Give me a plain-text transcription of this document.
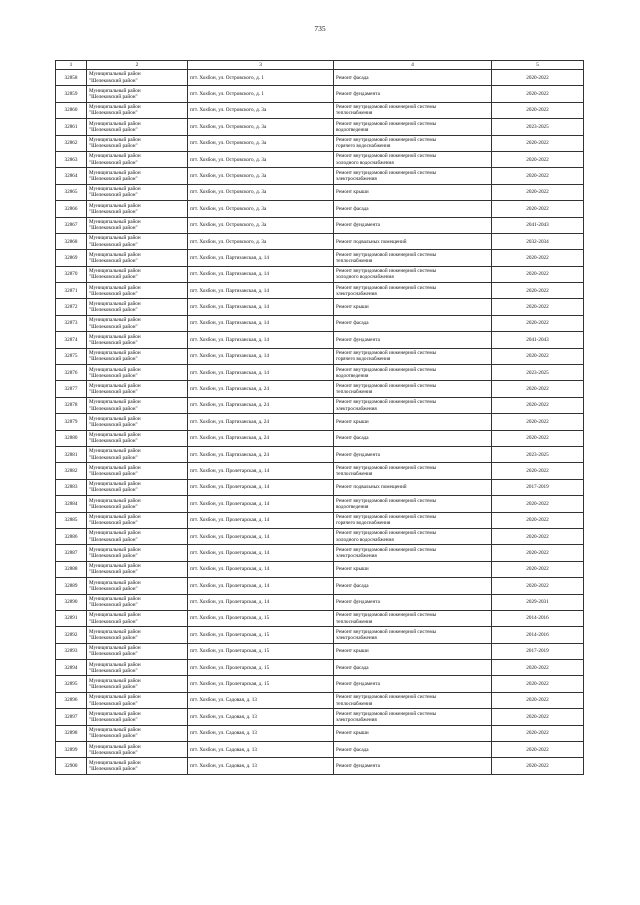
735
1	2	3	4	5
32858	Муниципальный район
"Шелековский район"	пгт. Хохбон, ул. Островского, д. 1	Ремонт фасада	2020-2022
32859	Муниципальный район
"Шелековский район"	пгт. Хохбон, ул. Островского, д. 1	Ремонт фундамента	2020-2022
32860	Муниципальный район
"Шелековский район"	пгт. Хохбон, ул. Островского, д. 3а	Ремонт внутридомовой инженерной системы
теплоснабжения	2020-2022
32861	Муниципальный район
"Шелековский район"	пгт. Хохбон, ул. Островского, д. 3а	Ремонт внутридомовой инженерной системы
водоотведения	2023-2025
32862	Муниципальный район
"Шелековский район"	пгт. Хохбон, ул. Островского, д. 3а	Ремонт внутридомовой инженерной системы
горячего водоснабжения	2020-2022
32863	Муниципальный район
"Шелековский район"	пгт. Хохбон, ул. Островского, д. 3а	Ремонт внутридомовой инженерной системы
холодного водоснабжения	2020-2022
32864	Муниципальный район
"Шелековский район"	пгт. Хохбон, ул. Островского, д. 3а	Ремонт внутридомовой инженерной системы
электроснабжения	2020-2022
32865	Муниципальный район
"Шелековский район"	пгт. Хохбон, ул. Островского, д. 3а	Ремонт крыши	2020-2022
32866	Муниципальный район
"Шелековский район"	пгт. Хохбон, ул. Островского, д. 3а	Ремонт фасада	2020-2022
32867	Муниципальный район
"Шелековский район"	пгт. Хохбон, ул. Островского, д. 3а	Ремонт фундамента	2041-2043
32868	Муниципальный район
"Шелековский район"	пгт. Хохбон, ул. Островского, д. 3а	Ремонт подвальных помещений	2032-2034
32869	Муниципальный район
"Шелековский район"	пгт. Хохбон, ул. Партизанская, д. 14	Ремонт внутридомовой инженерной системы
теплоснабжения	2020-2022
32870	Муниципальный район
"Шелековский район"	пгт. Хохбон, ул. Партизанская, д. 14	Ремонт внутридомовой инженерной системы
холодного водоснабжения	2020-2022
32871	Муниципальный район
"Шелековский район"	пгт. Хохбон, ул. Партизанская, д. 14	Ремонт внутридомовой инженерной системы
электроснабжения	2020-2022
32872	Муниципальный район
"Шелековский район"	пгт. Хохбон, ул. Партизанская, д. 14	Ремонт крыши	2020-2022
32873	Муниципальный район
"Шелековский район"	пгт. Хохбон, ул. Партизанская, д. 14	Ремонт фасада	2020-2022
32874	Муниципальный район
"Шелековский район"	пгт. Хохбон, ул. Партизанская, д. 14	Ремонт фундамента	2041-2043
32875	Муниципальный район
"Шелековский район"	пгт. Хохбон, ул. Партизанская, д. 14	Ремонт внутридомовой инженерной системы
горячего водоснабжения	2020-2022
32876	Муниципальный район
"Шелековский район"	пгт. Хохбон, ул. Партизанская, д. 14	Ремонт внутридомовой инженерной системы
водоотведения	2023-2025
32877	Муниципальный район
"Шелековский район"	пгт. Хохбон, ул. Партизанская, д. 24	Ремонт внутридомовой инженерной системы
теплоснабжения	2020-2022
32878	Муниципальный район
"Шелековский район"	пгт. Хохбон, ул. Партизанская, д. 24	Ремонт внутридомовой инженерной системы
электроснабжения	2020-2022
32879	Муниципальный район
"Шелековский район"	пгт. Хохбон, ул. Партизанская, д. 24	Ремонт крыши	2020-2022
32880	Муниципальный район
"Шелековский район"	пгт. Хохбон, ул. Партизанская, д. 24	Ремонт фасада	2020-2022
32881	Муниципальный район
"Шелековский район"	пгт. Хохбон, ул. Партизанская, д. 24	Ремонт фундамента	2023-2025
32882	Муниципальный район
"Шелековский район"	пгт. Хохбон, ул. Пролетарская, д. 14	Ремонт внутридомовой инженерной системы
теплоснабжения	2020-2022
32883	Муниципальный район
"Шелековский район"	пгт. Хохбон, ул. Пролетарская, д. 14	Ремонт подвальных помещений	2017-2019
32884	Муниципальный район
"Шелековский район"	пгт. Хохбон, ул. Пролетарская, д. 14	Ремонт внутридомовой инженерной системы
водоотведения	2020-2022
32885	Муниципальный район
"Шелековский район"	пгт. Хохбон, ул. Пролетарская, д. 14	Ремонт внутридомовой инженерной системы
горячего водоснабжения	2020-2022
32886	Муниципальный район
"Шелековский район"	пгт. Хохбон, ул. Пролетарская, д. 14	Ремонт внутридомовой инженерной системы
холодного водоснабжения	2020-2022
32887	Муниципальный район
"Шелековский район"	пгт. Хохбон, ул. Пролетарская, д. 14	Ремонт внутридомовой инженерной системы
электроснабжения	2020-2022
32888	Муниципальный район
"Шелековский район"	пгт. Хохбон, ул. Пролетарская, д. 14	Ремонт крыши	2020-2022
32889	Муниципальный район
"Шелековский район"	пгт. Хохбон, ул. Пролетарская, д. 14	Ремонт фасада	2020-2022
32890	Муниципальный район
"Шелековский район"	пгт. Хохбон, ул. Пролетарская, д. 14	Ремонт фундамента	2029-2031
32891	Муниципальный район
"Шелековский район"	пгт. Хохбон, ул. Пролетарская, д. 15	Ремонт внутридомовой инженерной системы
теплоснабжения	2014-2016
32892	Муниципальный район
"Шелековский район"	пгт. Хохбон, ул. Пролетарская, д. 15	Ремонт внутридомовой инженерной системы
электроснабжения	2014-2016
32893	Муниципальный район
"Шелековский район"	пгт. Хохбон, ул. Пролетарская, д. 15	Ремонт крыши	2017-2019
32894	Муниципальный район
"Шелековский район"	пгт. Хохбон, ул. Пролетарская, д. 15	Ремонт фасада	2020-2022
32895	Муниципальный район
"Шелековский район"	пгт. Хохбон, ул. Пролетарская, д. 15	Ремонт фундамента	2020-2022
32896	Муниципальный район
"Шелековский район"	пгт. Хохбон, ул. Садовая, д. 13	Ремонт внутридомовой инженерной системы
теплоснабжения	2020-2022
32897	Муниципальный район
"Шелековский район"	пгт. Хохбон, ул. Садовая, д. 13	Ремонт внутридомовой инженерной системы
электроснабжения	2020-2022
32898	Муниципальный район
"Шелековский район"	пгт. Хохбон, ул. Садовая, д. 13	Ремонт крыши	2020-2022
32899	Муниципальный район
"Шелековский район"	пгт. Хохбон, ул. Садовая, д. 13	Ремонт фасада	2020-2022
32900	Муниципальный район
"Шелековский район"	пгт. Хохбон, ул. Садовая, д. 13	Ремонт фундамента	2020-2022
